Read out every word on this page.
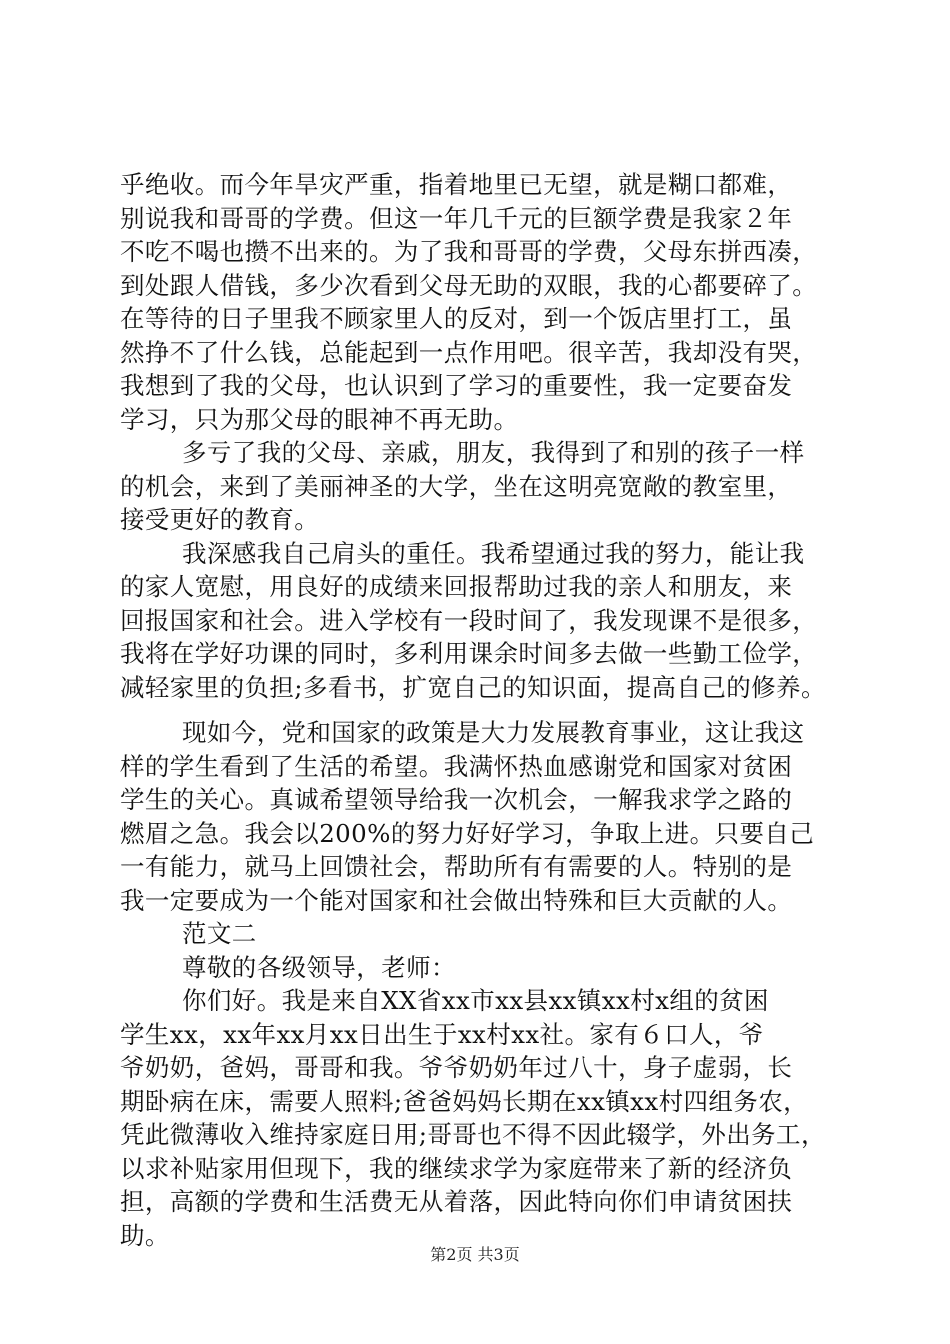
乎绝收。而今年旱灾严重，指着地里已无望，就是糊口都难，
别说我和哥哥的学费。但这一年几千元的巨额学费是我家２年
不吃不喝也攒不出来的。为了我和哥哥的学费，父母东拼西凑，
到处跟人借钱，多少次看到父母无助的双眼，我的心都要碎了。
在等待的日子里我不顾家里人的反对，到一个饭店里打工，虽
然挣不了什么钱，总能起到一点作用吧。很辛苦，我却没有哭，
我想到了我的父母，也认识到了学习的重要性，我一定要奋发
学习，只为那父母的眼神不再无助。
多亏了我的父母、亲戚，朋友，我得到了和别的孩子一样
的机会，来到了美丽神圣的大学，坐在这明亮宽敞的教室里，
接受更好的教育。
我深感我自己肩头的重任。我希望通过我的努力，能让我
的家人宽慰，用良好的成绩来回报帮助过我的亲人和朋友，来
回报国家和社会。进入学校有一段时间了，我发现课不是很多，
我将在学好功课的同时，多利用课余时间多去做一些勤工俭学，
减轻家里的负担;多看书，扩宽自己的知识面，提高自己的修养。
现如今，党和国家的政策是大力发展教育事业，这让我这
样的学生看到了生活的希望。我满怀热血感谢党和国家对贫困
学生的关心。真诚希望领导给我一次机会，一解我求学之路的
燃眉之急。我会以200%的努力好好学习，争取上进。只要自己
一有能力，就马上回馈社会，帮助所有有需要的人。特别的是
我一定要成为一个能对国家和社会做出特殊和巨大贡献的人。
范文二
尊敬的各级领导，老师：
你们好。我是来自XX省xx市xx县xx镇xx村x组的贫困
学生xx，xx年xx月xx日出生于xx村xx社。家有６口人，爷
爷奶奶，爸妈，哥哥和我。爷爷奶奶年过八十，身子虚弱，长
期卧病在床，需要人照料;爸爸妈妈长期在xx镇xx村四组务农，
凭此微薄收入维持家庭日用;哥哥也不得不因此辍学，外出务工，
以求补贴家用但现下，我的继续求学为家庭带来了新的经济负
担，高额的学费和生活费无从着落，因此特向你们申请贫困扶
助。
第2页 共3页
